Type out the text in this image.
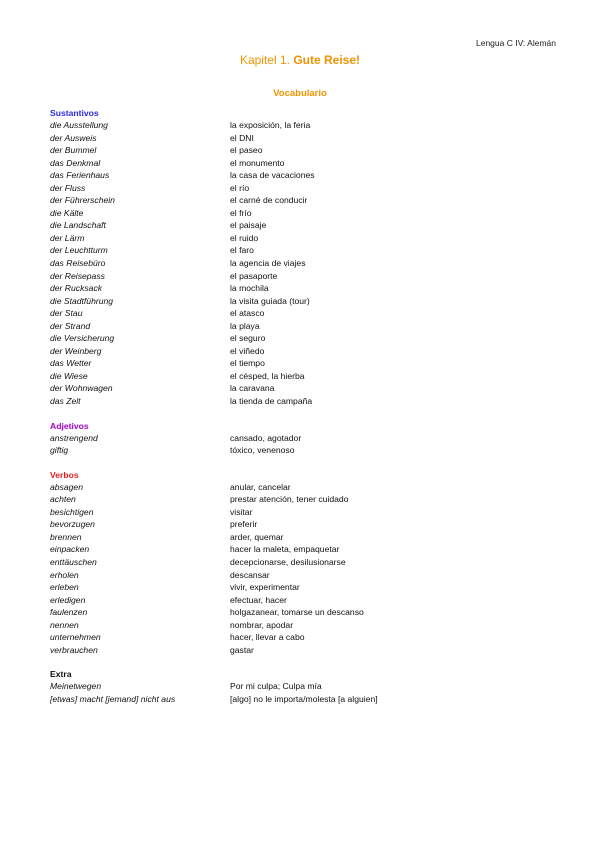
Lengua C IV: Alemán
Kapitel 1. Gute Reise!
Vocabulario
Sustantivos
die Ausstellung	la exposición, la feria
der Ausweis	el DNI
der Bummel	el paseo
das Denkmal	el monumento
das Ferienhaus	la casa de vacaciones
der Fluss	el río
der Führerschein	el carné de conducir
die Kälte	el frío
die Landschaft	el paisaje
der Lärm	el ruido
der Leuchtturm	el faro
das Reisebüro	la agencia de viajes
der Reisepass	el pasaporte
der Rucksack	la mochila
die Stadtführung	la visita guiada (tour)
der Stau	el atasco
der Strand	la playa
die Versicherung	el seguro
der Weinberg	el viñedo
das Wetter	el tiempo
die Wiese	el césped, la hierba
der Wohnwagen	la caravana
das Zelt	la tienda de campaña
Adjetivos
anstrengend	cansado, agotador
giftig	tóxico, venenoso
Verbos
absagen	anular, cancelar
achten	prestar atención, tener cuidado
besichtigen	visitar
bevorzugen	preferir
brennen	arder, quemar
einpacken	hacer la maleta, empaquetar
enttäuschen	decepcionarse, desilusionarse
erholen	descansar
erleben	vivir, experimentar
erledigen	efectuar, hacer
faulenzen	holgazanear, tomarse un descanso
nennen	nombrar, apodar
unternehmen	hacer, llevar a cabo
verbrauchen	gastar
Extra
Meinetwegen	Por mi culpa; Culpa mía
[etwas] macht [jemand] nicht aus	[algo] no le importa/molesta [a alguien]
